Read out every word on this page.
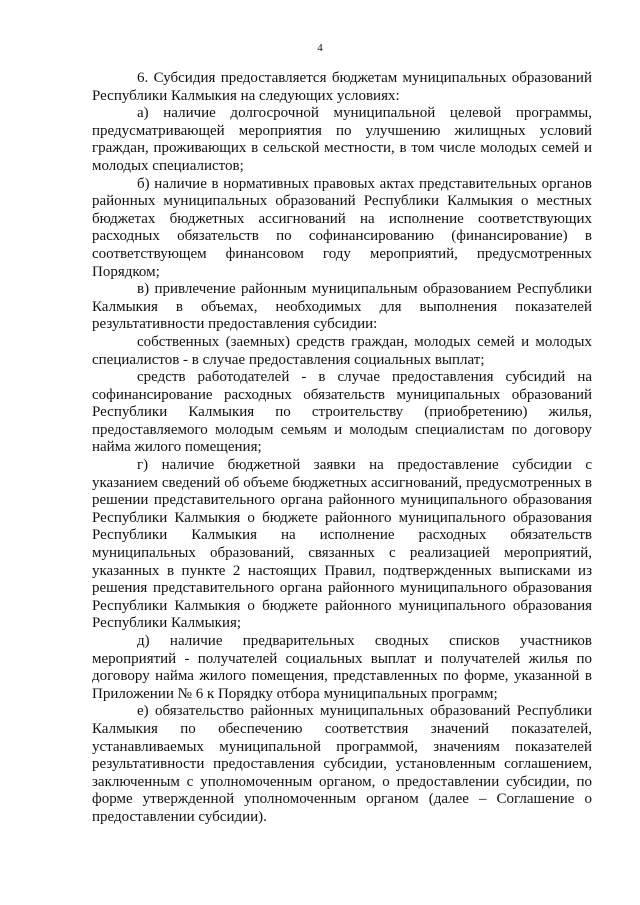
4

6. Субсидия предоставляется бюджетам муниципальных образований Республики Калмыкия на следующих условиях:

а) наличие долгосрочной муниципальной целевой программы, предусматривающей мероприятия по улучшению жилищных условий граждан, проживающих в сельской местности, в том числе молодых семей и молодых специалистов;

б) наличие в нормативных правовых актах представительных органов районных муниципальных образований Республики Калмыкия о местных бюджетах бюджетных ассигнований на исполнение соответствующих расходных обязательств по софинансированию (финансирование) в соответствующем финансовом году мероприятий, предусмотренных Порядком;

в) привлечение районным муниципальным образованием Республики Калмыкия в объемах, необходимых для выполнения показателей результативности предоставления субсидии:

собственных (заемных) средств граждан, молодых семей и молодых специалистов - в случае предоставления социальных выплат;

средств работодателей - в случае предоставления субсидий на софинансирование расходных обязательств муниципальных образований Республики Калмыкия по строительству (приобретению) жилья, предоставляемого молодым семьям и молодым специалистам по договору найма жилого помещения;

г) наличие бюджетной заявки на предоставление субсидии с указанием сведений об объеме бюджетных ассигнований, предусмотренных в решении представительного органа районного муниципального образования Республики Калмыкия о бюджете районного муниципального образования Республики Калмыкия на исполнение расходных обязательств муниципальных образований, связанных с реализацией мероприятий, указанных в пункте 2 настоящих Правил, подтвержденных выписками из решения представительного органа районного муниципального образования Республики Калмыкия о бюджете районного муниципального образования Республики Калмыкия;

д) наличие предварительных сводных списков участников мероприятий - получателей социальных выплат и получателей жилья по договору найма жилого помещения, представленных по форме, указанной в Приложении № 6 к Порядку отбора муниципальных программ;

е) обязательство районных муниципальных образований Республики Калмыкия по обеспечению соответствия значений показателей, устанавливаемых муниципальной программой, значениям показателей результативности предоставления субсидии, установленным соглашением, заключенным с уполномоченным органом, о предоставлении субсидии, по форме утвержденной уполномоченным органом (далее – Соглашение о предоставлении субсидии).
